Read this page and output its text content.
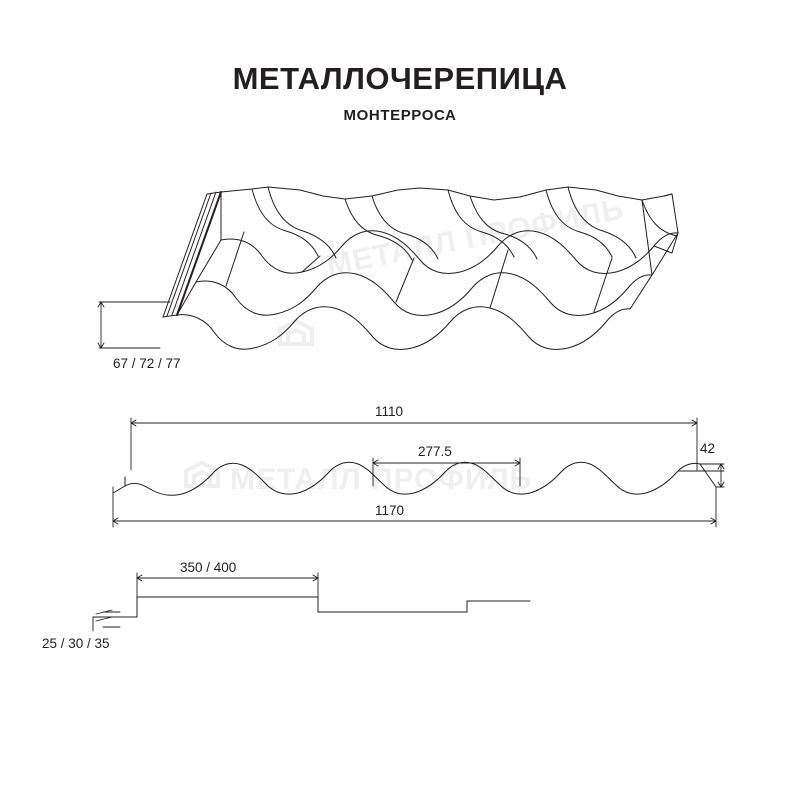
МЕТАЛЛ ПРОФИЛЬ
МЕТАЛЛ ПРОФИЛЬ
МЕТАЛЛОЧЕРЕПИЦА
МОНТЕРРОСА
67 / 72 / 77
1110
277.5
1170
42
350 / 400
25 / 30 / 35
